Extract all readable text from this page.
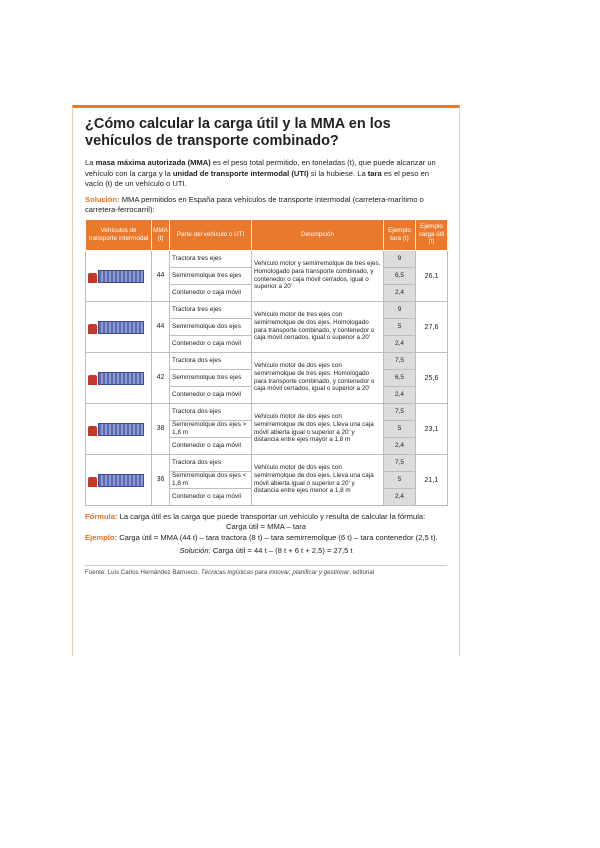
¿Cómo calcular la carga útil y la MMA en los vehículos de transporte combinado?

La masa máxima autorizada (MMA) es el peso total permitido, en toneladas (t), que puede alcanzar un vehículo con la carga y la unidad de transporte intermodal (UTI) si la hubiese. La tara es el peso en vacío (t) de un vehículo o UTI.

Solución: MMA permitidos en España para vehículos de transporte intermodal (carretera-marítimo o carretera-ferrocarril):

Vehículos de transporte intermodal	MMA (t)	Parte del vehículo o UTI	Descripción	Ejemplo tara (t)	Ejemplo carga útil (t)

	44	Tractora tres ejes	Vehículo motor y semirremolque de tres ejes. Homologado para transporte combinado, y contenedor o caja móvil cerrados, igual o superior a 20'	9	26,1
		Semirremolque tres ejes		6,5	
		Contenedor o caja móvil		2,4	

	44	Tractora tres ejes	Vehículo motor de tres ejes con semirremolque de dos ejes. Homologado para transporte combinado, y contenedor o caja móvil cerrados, igual o superior a 20'	9	27,6
		Semirremolque dos ejes		5	
		Contenedor o caja móvil		2,4	

	42	Tractora dos ejes	Vehículo motor de dos ejes con semirremolque de tres ejes. Homologado para transporte combinado, y contenedor o caja móvil cerrados, igual o superior a 20'	7,5	25,6
		Semirremolque tres ejes		6,5	
		Contenedor o caja móvil		2,4	

	38	Tractora dos ejes	Vehículo motor de dos ejes con semirremolque de dos ejes. Lleva una caja móvil abierta igual o superior a 20' y distancia entre ejes mayor a 1,8 m	7,5	23,1
		Semirremolque dos ejes > 1,8 m		5	
		Contenedor o caja móvil		2,4	

	36	Tractora dos ejes	Vehículo motor de dos ejes con semirremolque de dos ejes. Lleva una caja móvil abierta igual o superior a 20' y distancia entre ejes menor a 1,8 m	7,5	21,1
		Semirremolque dos ejes < 1,8 m		5	
		Contenedor o caja móvil		2,4	

Fórmula: La carga útil es la carga que puede transportar un vehículo y resulta de calcular la fórmula:

Carga útil = MMA – tara

Ejemplo: Carga útil = MMA (44 t) – tara tractora (8 t) – tara semirremolque (6 t) – tara contenedor (2,5 t).

Solución: Carga útil = 44 t – (8 t + 6 t + 2,5) = 27,5 t

Fuente: Luis Carlos Hernández Barrueco. Técnicas logísticas para innovar, planificar y gestionar, editorial
